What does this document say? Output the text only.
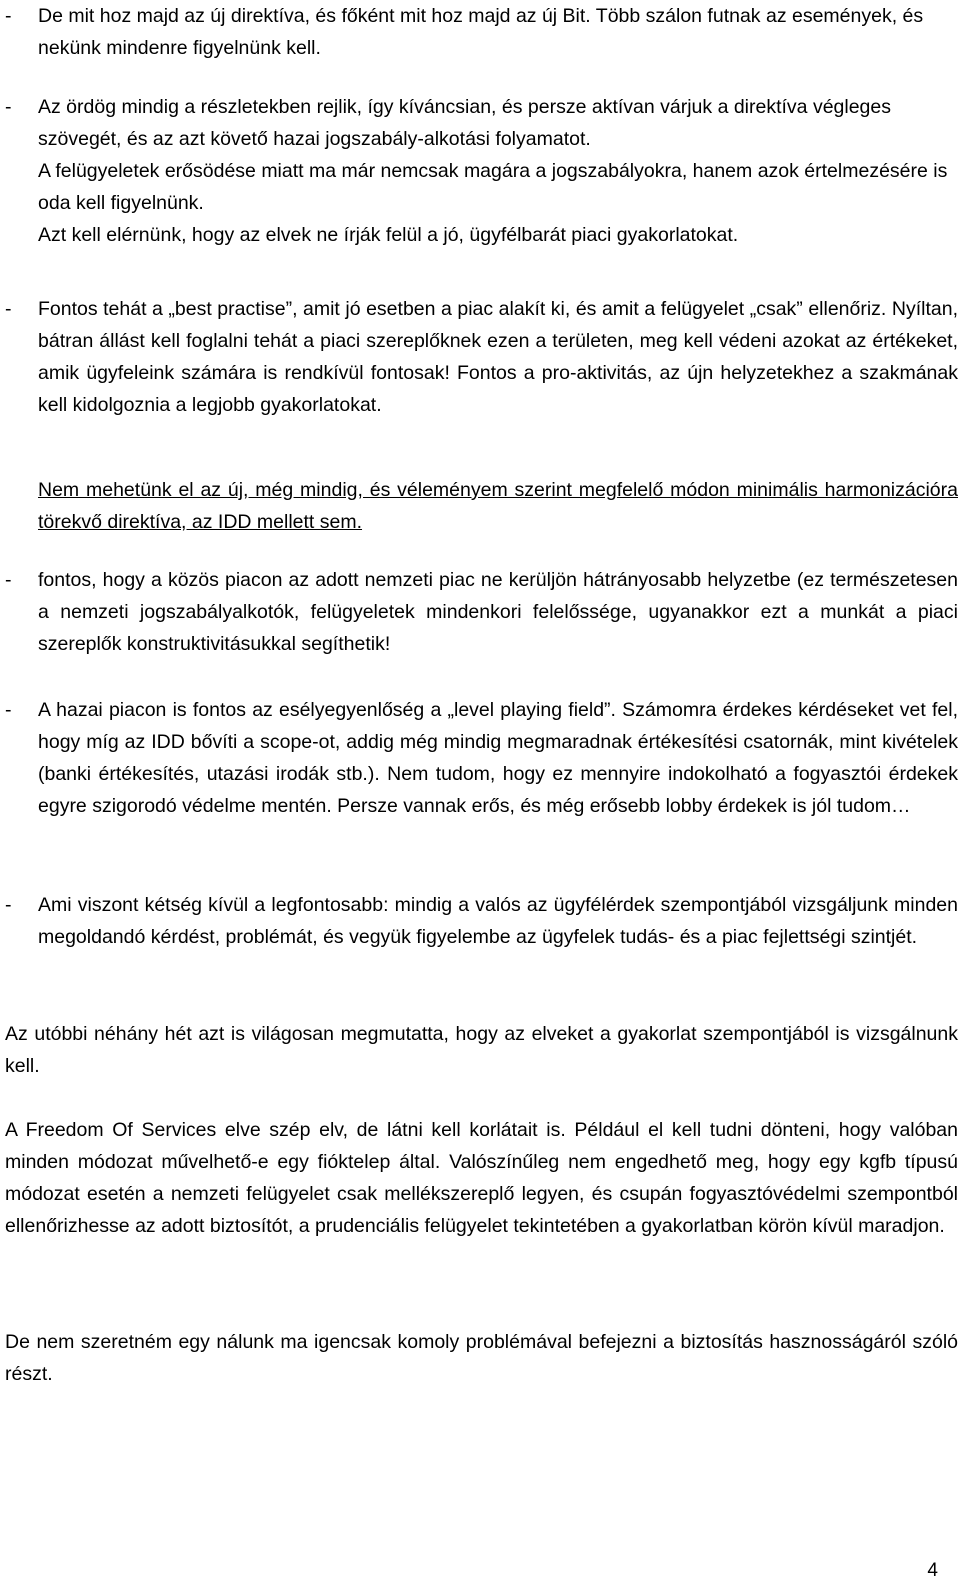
- De mit hoz majd az új direktíva, és főként mit hoz majd az új Bit. Több szálon futnak az események, és nekünk mindenre figyelnünk kell.

- Az ördög mindig a részletekben rejlik, így kíváncsian, és persze aktívan várjuk a direktíva végleges szövegét, és az azt követő hazai jogszabály-alkotási folyamatot.

A felügyeletek erősödése miatt ma már nemcsak magára a jogszabályokra, hanem azok értelmezésére is oda kell figyelnünk.

Azt kell elérnünk, hogy az elvek ne írják felül a jó, ügyfélbarát piaci gyakorlatokat.

- Fontos tehát a „best practise”, amit jó esetben a piac alakít ki, és amit a felügyelet „csak” ellenőriz. Nyíltan, bátran állást kell foglalni tehát a piaci szereplőknek ezen a területen, meg kell védeni azokat az értékeket, amik ügyfeleink számára is rendkívül fontosak! Fontos a pro-aktivitás, az újn helyzetekhez a szakmának kell kidolgoznia a legjobb gyakorlatokat.

Nem mehetünk el az új, még mindig, és véleményem szerint megfelelő módon minimális harmonizációra törekvő direktíva, az IDD mellett sem.

- fontos, hogy a közös piacon az adott nemzeti piac ne kerüljön hátrányosabb helyzetbe (ez természetesen a nemzeti jogszabályalkotók, felügyeletek mindenkori felelőssége, ugyanakkor ezt a munkát a piaci szereplők konstruktivitásukkal segíthetik!

- A hazai piacon is fontos az esélyegyenlőség a „level playing field”. Számomra érdekes kérdéseket vet fel, hogy míg az IDD bővíti a scope-ot, addig még mindig megmaradnak értékesítési csatornák, mint kivételek (banki értékesítés, utazási irodák stb.). Nem tudom, hogy ez mennyire indokolható a fogyasztói érdekek egyre szigorodó védelme mentén. Persze vannak erős, és még erősebb lobby érdekek is jól tudom…

- Ami viszont kétség kívül a legfontosabb: mindig a valós az ügyfélérdek szempontjából vizsgáljunk minden megoldandó kérdést, problémát, és vegyük figyelembe az ügyfelek tudás- és a piac fejlettségi szintjét.

Az utóbbi néhány hét azt is világosan megmutatta, hogy az elveket a gyakorlat szempontjából is vizsgálnunk kell.

A Freedom Of Services elve szép elv, de látni kell korlátait is. Például el kell tudni dönteni, hogy valóban minden módozat művelhető-e egy fióktelep által. Valószínűleg nem engedhető meg, hogy egy kgfb típusú módozat esetén a nemzeti felügyelet csak mellékszereplő legyen, és csupán fogyasztóvédelmi szempontból ellenőrizhesse az adott biztosítót, a prudenciális felügyelet tekintetében a gyakorlatban körön kívül maradjon.

De nem szeretném egy nálunk ma igencsak komoly problémával befejezni a biztosítás hasznosságáról szóló részt.

4
